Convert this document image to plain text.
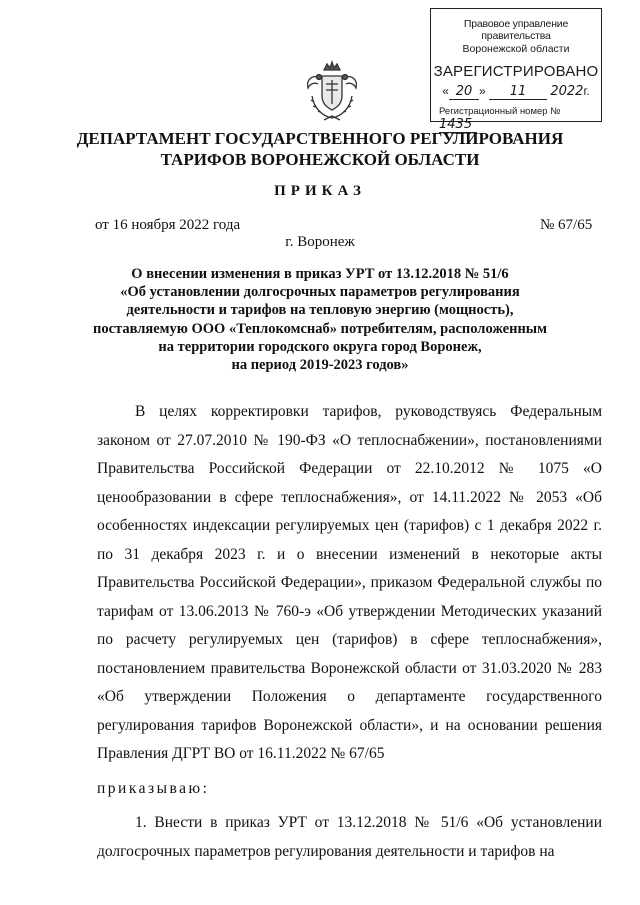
Правовое управление правительства
Воронежской области
ЗАРЕГИСТРИРОВАНО
« 20 » 11 2022г.
Регистрационный номер № 1435
ДЕПАРТАМЕНТ ГОСУДАРСТВЕННОГО РЕГУЛИРОВАНИЯ
ТАРИФОВ ВОРОНЕЖСКОЙ ОБЛАСТИ
ПРИКАЗ
от 16 ноября 2022 года	№ 67/65
г. Воронеж
О внесении изменения в приказ УРТ от 13.12.2018 № 51/6
«Об установлении долгосрочных параметров регулирования
деятельности и тарифов на тепловую энергию (мощность),
поставляемую ООО «Теплокомснаб» потребителям, расположенным
на территории городского округа город Воронеж,
на период 2019-2023 годов»

В целях корректировки тарифов, руководствуясь Федеральным законом от 27.07.2010 № 190-ФЗ «О теплоснабжении», постановлениями Правительства Российской Федерации от 22.10.2012 № 1075 «О ценообразовании в сфере теплоснабжения», от 14.11.2022 № 2053 «Об особенностях индексации регулируемых цен (тарифов) с 1 декабря 2022 г. по 31 декабря 2023 г. и о внесении изменений в некоторые акты Правительства Российской Федерации», приказом Федеральной службы по тарифам от 13.06.2013 № 760-э «Об утверждении Методических указаний по расчету регулируемых цен (тарифов) в сфере теплоснабжения», постановлением правительства Воронежской области от 31.03.2020 № 283 «Об утверждении Положения о департаменте государственного регулирования тарифов Воронежской области», и на основании решения Правления ДГРТ ВО от 16.11.2022 № 67/65

приказываю:

1. Внести в приказ УРТ от 13.12.2018 № 51/6 «Об установлении долгосрочных параметров регулирования деятельности и тарифов на
